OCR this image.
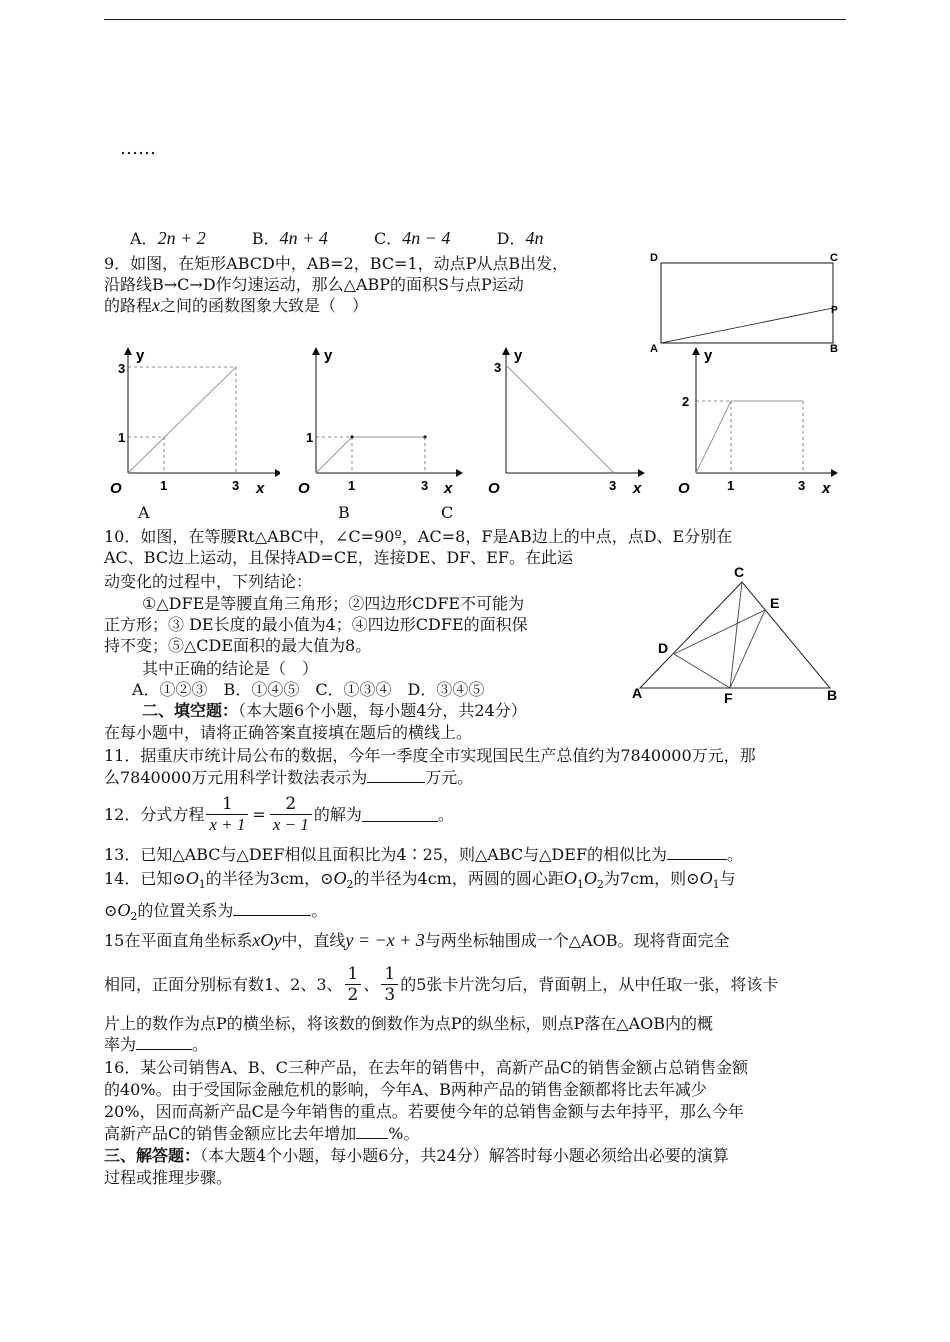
……
A．2n + 2	B．4n + 4	C．4n − 4	D．4n
9．如图，在矩形ABCD中，AB=2，BC=1，动点P从点B出发，
沿路线B→C→D作匀速运动，那么△ABP的面积S与点P运动
的路程x之间的函数图象大致是（　）
D	C
P
A	B
3
1
1	3
y
x
O
A
1
1	3
y
x
O
B
3
3
y
x
O
C
2
1	3
y
x
O
10．如图，在等腰Rt△ABC中，∠C=90º，AC=8，F是AB边上的中点，点D、E分别在
AC、BC边上运动，且保持AD=CE，连接DE、DF、EF。在此运
动变化的过程中，下列结论：
①△DFE是等腰直角三角形；②四边形CDFE不可能为
正方形；③ DE长度的最小值为4；④四边形CDFE的面积保
持不变；⑤△CDE面积的最大值为8。
其中正确的结论是（　）
A．①②③　B．①④⑤　C．①③④　D．③④⑤
C
E
D
A	F	B
二、填空题：（本大题6个小题，每小题4分，共24分）
在每小题中，请将正确答案直接填在题后的横线上。
11．据重庆市统计局公布的数据，今年一季度全市实现国民生产总值约为7840000万元，那
么7840000万元用科学计数法表示为	万元。
12．分式方程 $\frac{1}{x + 1} = \frac{2}{x - 1}$ 的解为	。
13．已知△ABC与△DEF相似且面积比为4∶25，则△ABC与△DEF的相似比为	。
14．已知$⊙O_1$的半径为3cm，$⊙O_2$的半径为4cm，两圆的圆心距$O_1O_2$为7cm，则$⊙O_1$与
$⊙O_2$的位置关系为	。
15在平面直角坐标系xOy中，直线y = −x + 3与两坐标轴围成一个△AOB。现将背面完全
相同，正面分别标有数1、2、3、 $\frac{1}{2}$ 、 $\frac{1}{3}$ 的5张卡片洗匀后，背面朝上，从中任取一张，将该卡
片上的数作为点P的横坐标，将该数的倒数作为点P的纵坐标，则点P落在△AOB内的概
率为	。
16．某公司销售A、B、C三种产品，在去年的销售中，高新产品C的销售金额占总销售金额
的40%。由于受国际金融危机的影响，今年A、B两种产品的销售金额都将比去年减少
20%，因而高新产品C是今年销售的重点。若要使今年的总销售金额与去年持平，那么今年
高新产品C的销售金额应比去年增加 %。
三、解答题：（本大题4个小题，每小题6分，共24分）解答时每小题必须给出必要的演算
过程或推理步骤。
